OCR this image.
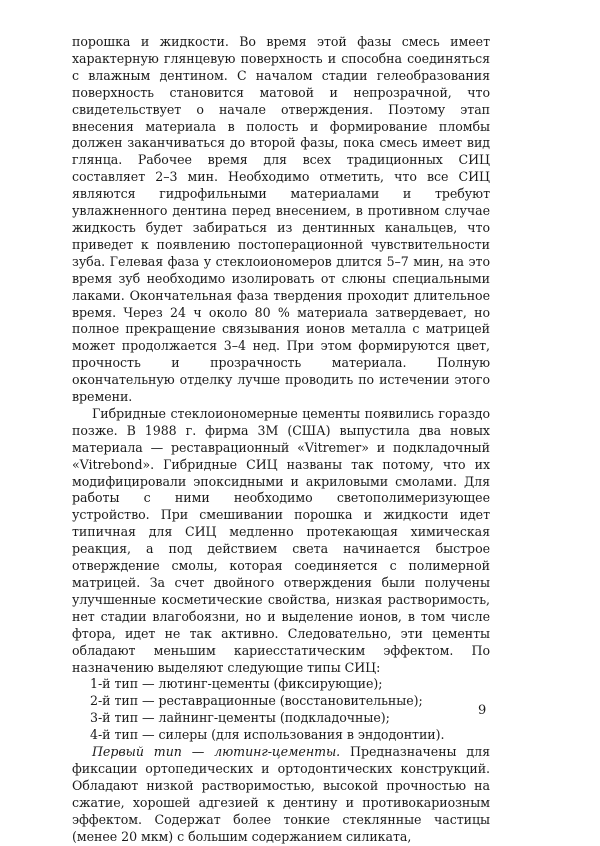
порошка и жидкости. Во время этой фазы смесь имеет характерную глянцевую поверхность и способна соединяться с влажным дентином. С началом стадии гелеобразования поверхность становится матовой и непрозрачной, что свидетельствует о начале отверждения. Поэтому этап внесения материала в полость и формирование пломбы должен заканчиваться до второй фазы, пока смесь имеет вид глянца. Рабочее время для всех традиционных СИЦ составляет 2–3 мин. Необходимо отметить, что все СИЦ являются гидрофильными материалами и требуют увлажненного дентина перед внесением, в противном случае жидкость будет забираться из дентинных канальцев, что приведет к появлению постоперационной чувствительности зуба. Гелевая фаза у стеклоиономеров длится 5–7 мин, на это время зуб необходимо изолировать от слюны специальными лаками. Окончательная фаза твердения проходит длительное время. Через 24 ч около 80 % материала затвердевает, но полное прекращение связывания ионов металла с матрицей может продолжается 3–4 нед. При этом формируются цвет, прочность и прозрачность материала. Полную окончательную отделку лучше проводить по истечении этого времени.

Гибридные стеклоиономерные цементы появились гораздо позже. В 1988 г. фирма 3М (США) выпустила два новых материала — реставрационный «Vitremer» и подкладочный «Vitrebond». Гибридные СИЦ названы так потому, что их модифицировали эпоксидными и акриловыми смолами. Для работы с ними необходимо светополимеризующее устройство. При смешивании порошка и жидкости идет типичная для СИЦ медленно протекающая химическая реакция, а под действием света начинается быстрое отверждение смолы, которая соединяется с полимерной матрицей. За счет двойного отверждения были получены улучшенные косметические свойства, низкая растворимость, нет стадии влагобоязни, но и выделение ионов, в том числе фтора, идет не так активно. Следовательно, эти цементы обладают меньшим кариесстатическим эффектом. По назначению выделяют следующие типы СИЦ:

1-й тип — лютинг-цементы (фиксирующие);
2-й тип — реставрационные (восстановительные);
3-й тип — лайнинг-цементы (подкладочные);
4-й тип — силеры (для использования в эндодонтии).

Первый тип — лютинг-цементы. Предназначены для фиксации ортопедических и ортодонтических конструкций. Обладают низкой растворимостью, высокой прочностью на сжатие, хорошей адгезией к дентину и противокариозным эффектом. Содержат более тонкие стеклянные частицы (менее 20 мкм) с большим содержанием силиката,

9
